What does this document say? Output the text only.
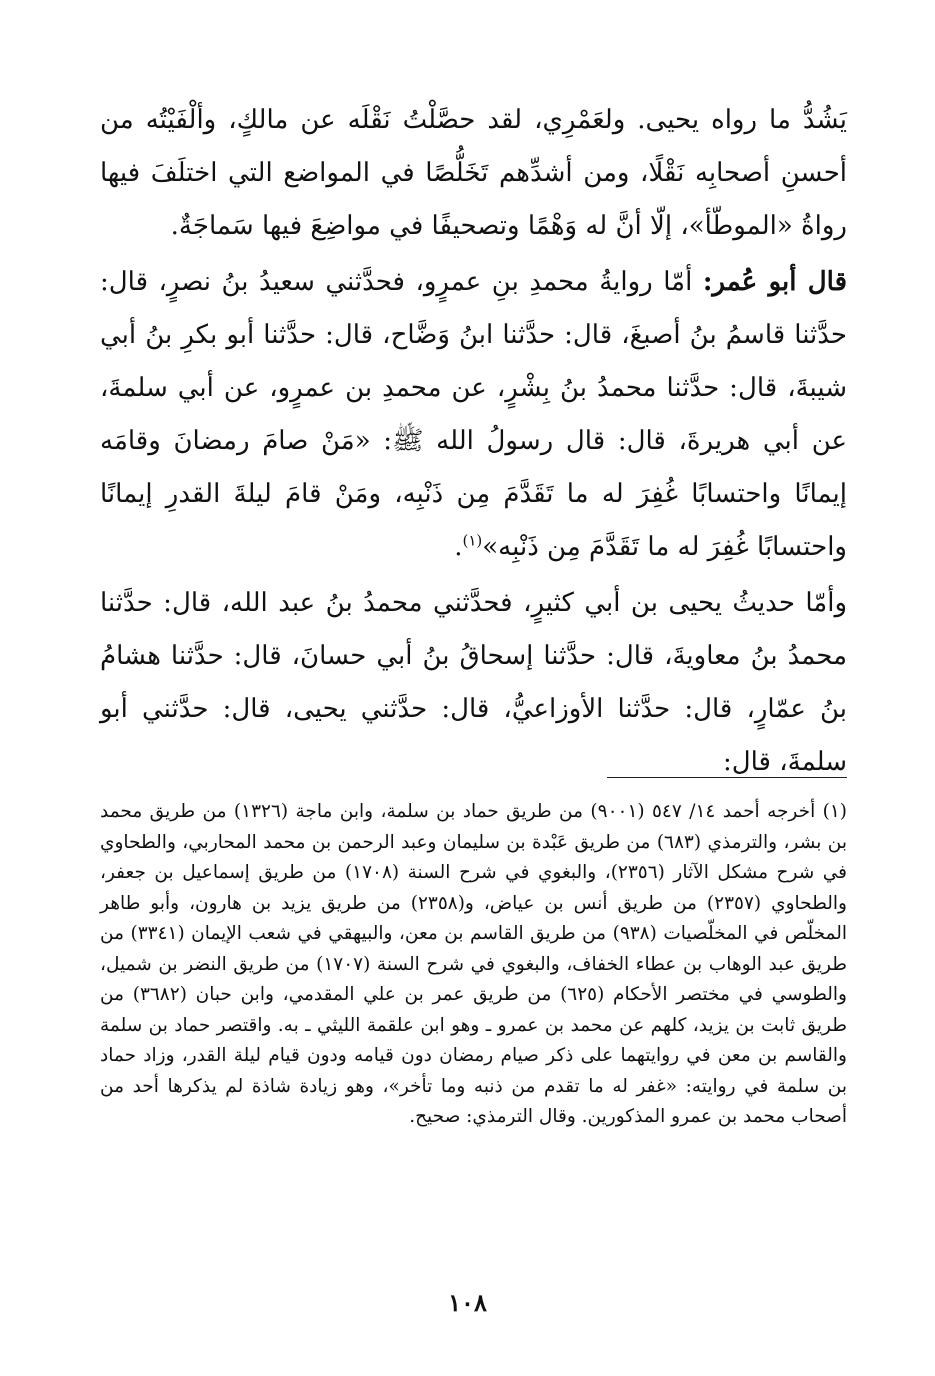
يَشُدُّ ما رواه يحيى. ولعَمْرِي، لقد حصَّلْتُ نَقْلَه عن مالكٍ، وألْفَيْتُه من أحسنِ أصحابِه نَقْلًا، ومن أشدِّهم تَخَلُّصًا في المواضع التي اختلَفَ فيها رواةُ «الموطّأ»، إلّا أنَّ له وَهْمًا وتصحيفًا في مواضِعَ فيها سَماجَةٌ.

قال أبو عُمر: أمّا روايةُ محمدِ بنِ عمرٍو، فحدَّثني سعيدُ بنُ نصرٍ، قال: حدَّثنا قاسمُ بنُ أصبغَ، قال: حدَّثنا ابنُ وَضَّاح، قال: حدَّثنا أبو بكرِ بنُ أبي شيبةَ، قال: حدَّثنا محمدُ بنُ بِشْرٍ، عن محمدِ بن عمرٍو، عن أبي سلمةَ، عن أبي هريرةَ، قال: قال رسولُ الله ﷺ: «مَنْ صامَ رمضانَ وقامَه إيمانًا واحتسابًا غُفِرَ له ما تَقَدَّمَ مِن ذَنْبِه، ومَنْ قامَ ليلةَ القدرِ إيمانًا واحتسابًا غُفِرَ له ما تَقَدَّمَ مِن ذَنْبِه»$^{(١)}$.

وأمّا حديثُ يحيى بن أبي كثيرٍ، فحدَّثني محمدُ بنُ عبد الله، قال: حدَّثنا محمدُ بنُ معاويةَ، قال: حدَّثنا إسحاقُ بنُ أبي حسانَ، قال: حدَّثنا هشامُ بنُ عمّارٍ، قال: حدَّثنا الأوزاعيُّ، قال: حدَّثني يحيى، قال: حدَّثني أبو سلمةَ، قال:

(١) أخرجه أحمد ١٤/ ٥٤٧ (٩٠٠١) من طريق حماد بن سلمة، وابن ماجة (١٣٢٦) من طريق محمد بن بشر، والترمذي (٦٨٣) من طريق عَبْدة بن سليمان وعبد الرحمن بن محمد المحاربي، والطحاوي في شرح مشكل الآثار (٢٣٥٦)، والبغوي في شرح السنة (١٧٠٨) من طريق إسماعيل بن جعفر، والطحاوي (٢٣٥٧) من طريق أنس بن عياض، و(٢٣٥٨) من طريق يزيد بن هارون، وأبو طاهر المخلّص في المخلّصيات (٩٣٨) من طريق القاسم بن معن، والبيهقي في شعب الإيمان (٣٣٤١) من طريق عبد الوهاب بن عطاء الخفاف، والبغوي في شرح السنة (١٧٠٧) من طريق النضر بن شميل، والطوسي في مختصر الأحكام (٦٢٥) من طريق عمر بن علي المقدمي، وابن حبان (٣٦٨٢) من طريق ثابت بن يزيد، كلهم عن محمد بن عمرو ـ وهو ابن علقمة الليثي ـ به. واقتصر حماد بن سلمة والقاسم بن معن في روايتهما على ذكر صيام رمضان دون قيامه ودون قيام ليلة القدر، وزاد حماد بن سلمة في روايته: «غفر له ما تقدم من ذنبه وما تأخر»، وهو زيادة شاذة لم يذكرها أحد من أصحاب محمد بن عمرو المذكورين. وقال الترمذي: صحيح.

١٠٨
